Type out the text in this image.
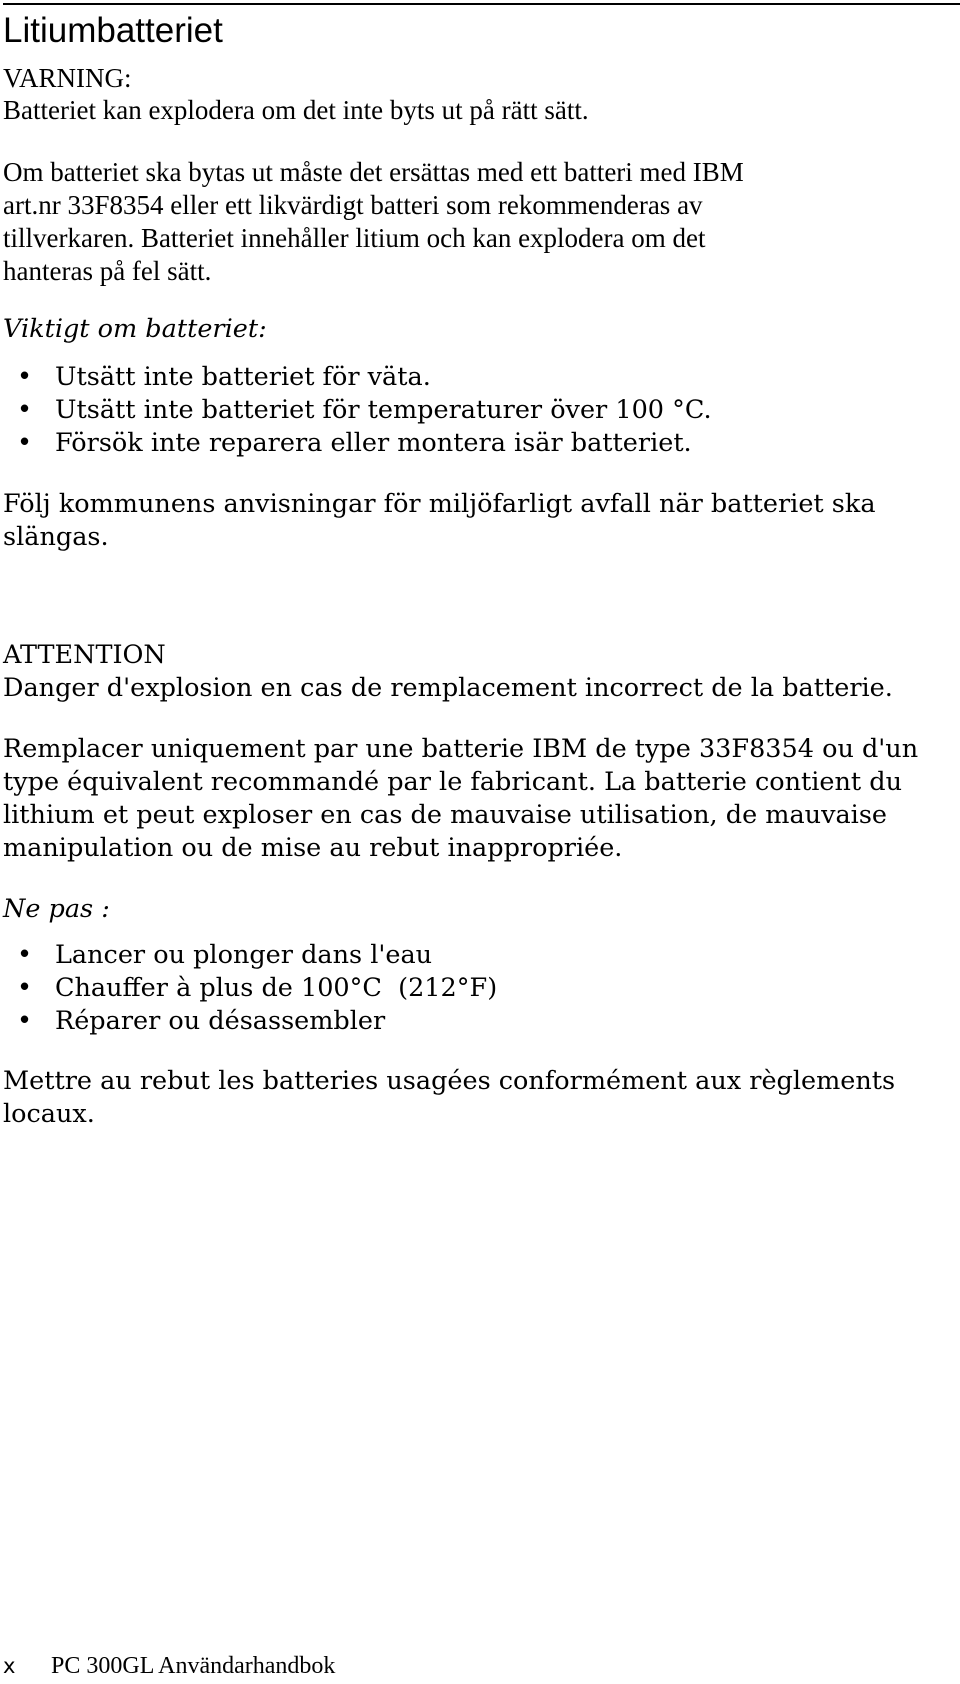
Litiumbatteriet
VARNING:
Batteriet kan explodera om det inte byts ut på rätt sätt.
Om batteriet ska bytas ut måste det ersättas med ett batteri med IBM
art.nr 33F8354 eller ett likvärdigt batteri som rekommenderas av
tillverkaren. Batteriet innehåller litium och kan explodera om det
hanteras på fel sätt.
Viktigt om batteriet:
• Utsätt inte batteriet för väta.
• Utsätt inte batteriet för temperaturer över 100 °C.
• Försök inte reparera eller montera isär batteriet.
Följ kommunens anvisningar för miljöfarligt avfall när batteriet ska
slängas.
ATTENTION
Danger d'explosion en cas de remplacement incorrect de la batterie.
Remplacer uniquement par une batterie IBM de type 33F8354 ou d'un
type équivalent recommandé par le fabricant. La batterie contient du
lithium et peut exploser en cas de mauvaise utilisation, de mauvaise
manipulation ou de mise au rebut inappropriée.
Ne pas :
• Lancer ou plonger dans l'eau
• Chauffer à plus de 100°C  (212°F)
• Réparer ou désassembler
Mettre au rebut les batteries usagées conformément aux règlements
locaux.
x PC 300GL Användarhandbok
